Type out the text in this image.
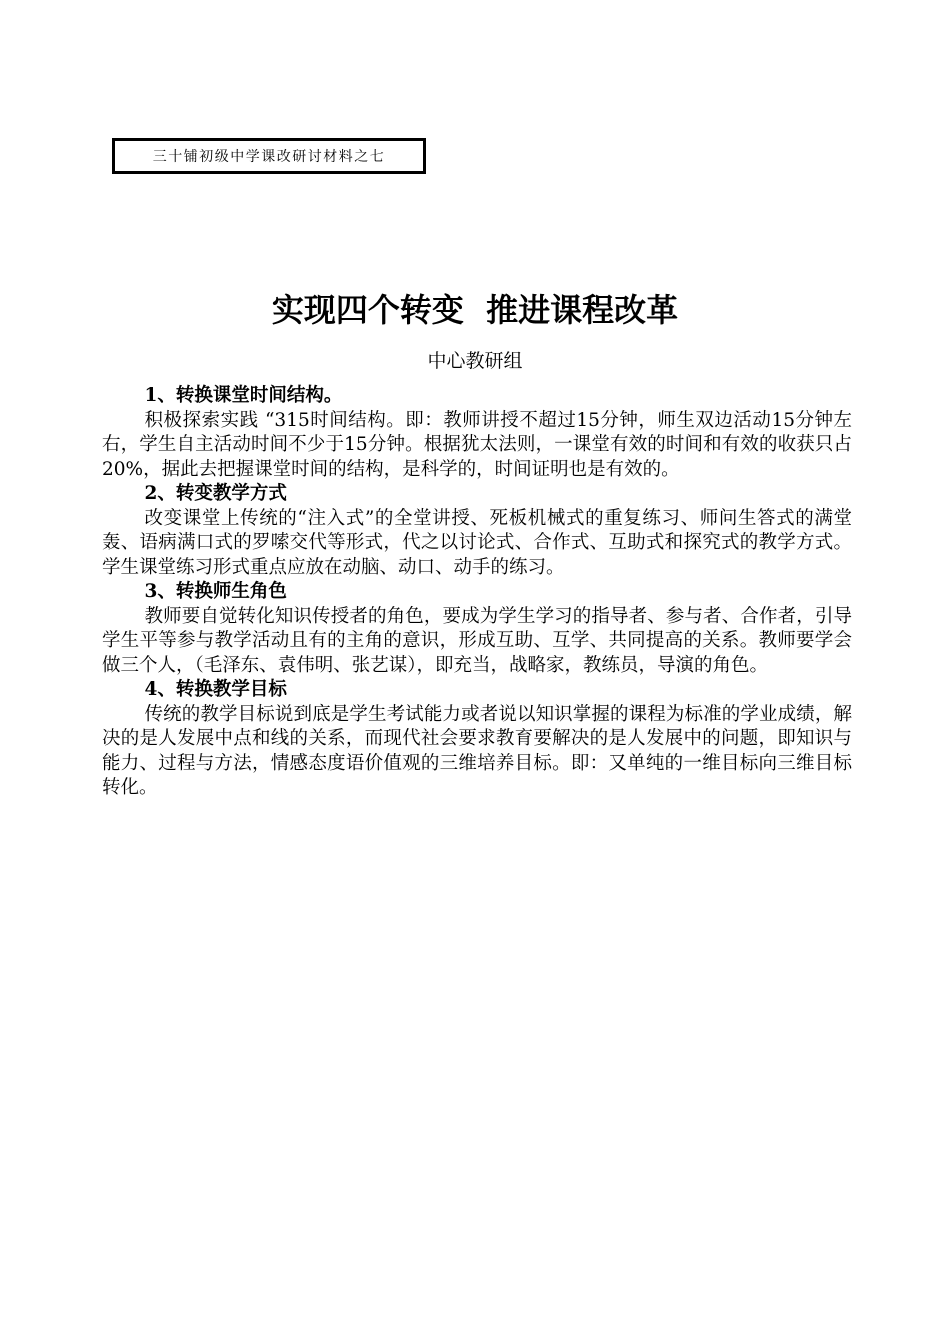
三十铺初级中学课改研讨材料之七
实现四个转变  推进课程改革
中心教研组

1、转换课堂时间结构。

积极探索实践 “315时间结构。即：教师讲授不超过15分钟，师生双边活动15分钟左右，学生自主活动时间不少于15分钟。根据犹太法则，一课堂有效的时间和有效的收获只占20%，据此去把握课堂时间的结构，是科学的，时间证明也是有效的。

2、转变教学方式

改变课堂上传统的“注入式”的全堂讲授、死板机械式的重复练习、师问生答式的满堂轰、语病满口式的罗嗦交代等形式，代之以讨论式、合作式、互助式和探究式的教学方式。学生课堂练习形式重点应放在动脑、动口、动手的练习。

3、转换师生角色

教师要自觉转化知识传授者的角色，要成为学生学习的指导者、参与者、合作者，引导学生平等参与教学活动且有的主角的意识，形成互助、互学、共同提高的关系。教师要学会做三个人，（毛泽东、袁伟明、张艺谋），即充当，战略家，教练员，导演的角色。

4、转换教学目标

传统的教学目标说到底是学生考试能力或者说以知识掌握的课程为标准的学业成绩，解决的是人发展中点和线的关系，而现代社会要求教育要解决的是人发展中的问题，即知识与能力、过程与方法，情感态度语价值观的三维培养目标。即：又单纯的一维目标向三维目标转化。
